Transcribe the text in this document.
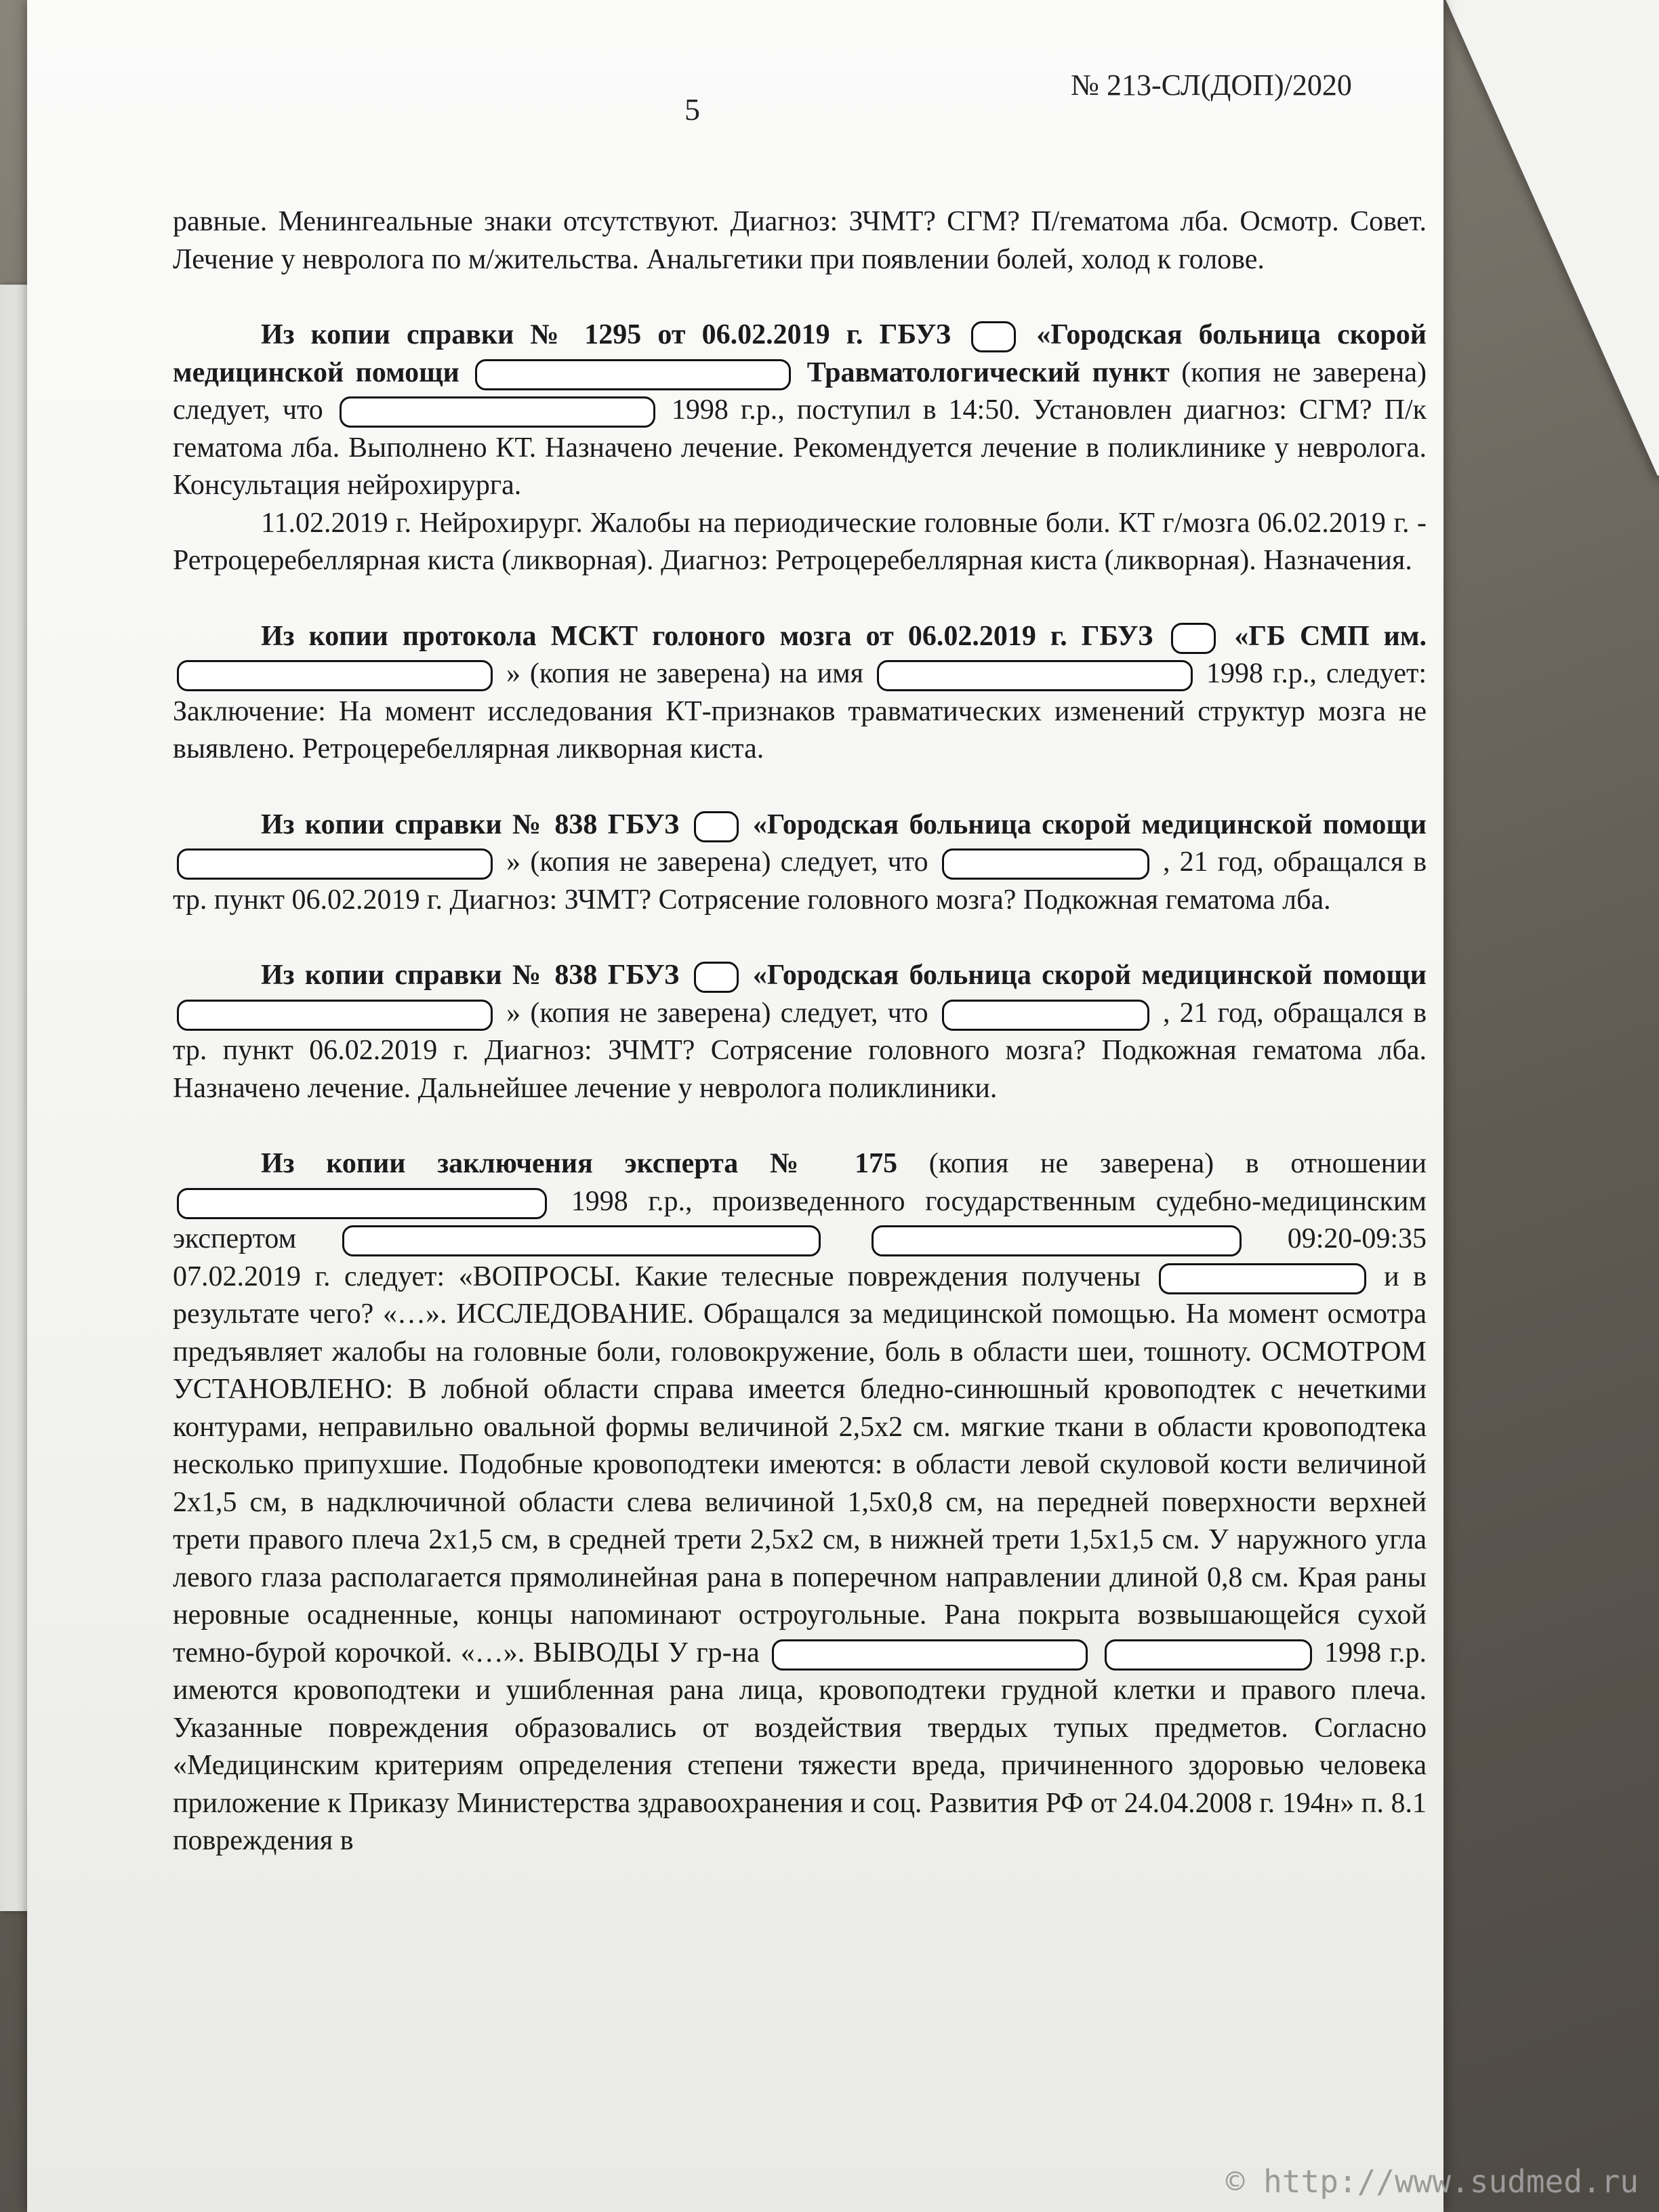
5
№ 213-СЛ(ДОП)/2020

равные. Менингеальные знаки отсутствуют. Диагноз: ЗЧМТ? СГМ? П/гематома лба. Осмотр. Совет. Лечение у невролога по м/жительства. Анальгетики при появлении болей, холод к голове.

Из копии справки № 1295 от 06.02.2019 г. ГБУЗ	«Городская больница скорой медицинской помощи	Травматологический пункт (копия не заверена) следует, что	1998 г.р., поступил в 14:50. Установлен диагноз: СГМ? П/к гематома лба. Выполнено КТ. Назначено лечение. Рекомендуется лечение в поликлинике у невролога. Консультация нейрохирурга.

11.02.2019 г. Нейрохирург. Жалобы на периодические головные боли. КТ г/мозга 06.02.2019 г. - Ретроцеребеллярная киста (ликворная). Диагноз: Ретроцеребеллярная киста (ликворная). Назначения.

Из копии протокола МСКТ голоного мозга от 06.02.2019 г. ГБУЗ	«ГБ СМП им.  » (копия не заверена) на имя	1998 г.р., следует: Заключение: На момент исследования КТ-признаков травматических изменений структур мозга не выявлено. Ретроцеребеллярная ликворная киста.

Из копии справки № 838 ГБУЗ	«Городская больница скорой медицинской помощи  » (копия не заверена) следует, что	, 21 год, обращался в тр. пункт 06.02.2019 г. Диагноз: ЗЧМТ? Сотрясение головного мозга? Подкожная гематома лба.

Из копии справки № 838 ГБУЗ	«Городская больница скорой медицинской помощи  » (копия не заверена) следует, что	, 21 год, обращался в тр. пункт 06.02.2019 г. Диагноз: ЗЧМТ? Сотрясение головного мозга? Подкожная гематома лба. Назначено лечение. Дальнейшее лечение у невролога поликлиники.

Из копии заключения эксперта № 175 (копия не заверена) в отношении  1998 г.р., произведенного государственным судебно-медицинским экспертом	09:20-09:35 07.02.2019 г. следует: «ВОПРОСЫ. Какие телесные повреждения получены	и в результате чего? «…». ИССЛЕДОВАНИЕ. Обращался за медицинской помощью. На момент осмотра предъявляет жалобы на головные боли, головокружение, боль в области шеи, тошноту. ОСМОТРОМ УСТАНОВЛЕНО: В лобной области справа имеется бледно-синюшный кровоподтек с нечеткими контурами, неправильно овальной формы величиной 2,5х2 см. мягкие ткани в области кровоподтека несколько припухшие. Подобные кровоподтеки имеются: в области левой скуловой кости величиной 2х1,5 см, в надключичной области слева величиной 1,5х0,8 см, на передней поверхности верхней трети правого плеча 2х1,5 см, в средней трети 2,5х2 см, в нижней трети 1,5х1,5 см. У наружного угла левого глаза располагается прямолинейная рана в поперечном направлении длиной 0,8 см. Края раны неровные осадненные, концы напоминают остроугольные. Рана покрыта возвышающейся сухой темно-бурой корочкой. «…». ВЫВОДЫ У гр-на	1998 г.р. имеются кровоподтеки и ушибленная рана лица, кровоподтеки грудной клетки и правого плеча. Указанные повреждения образовались от воздействия твердых тупых предметов. Согласно «Медицинским критериям определения степени тяжести вреда, причиненного здоровью человека приложение к Приказу Министерства здравоохранения и соц. Развития РФ от 24.04.2008 г. 194н» п. 8.1 повреждения в

© http://www.sudmed.ru
